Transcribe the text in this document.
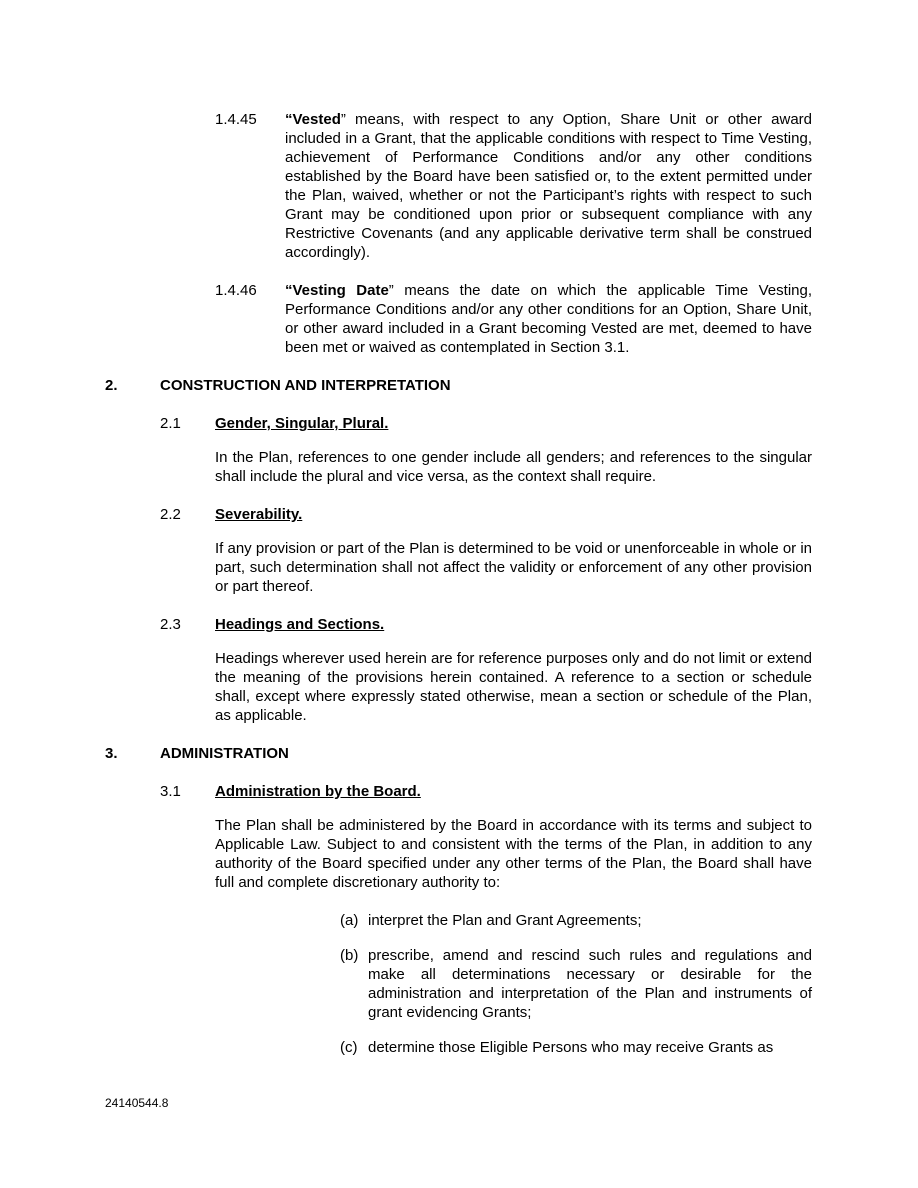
1.4.45	“Vested” means, with respect to any Option, Share Unit or other award included in a Grant, that the applicable conditions with respect to Time Vesting, achievement of Performance Conditions and/or any other conditions established by the Board have been satisfied or, to the extent permitted under the Plan, waived, whether or not the Participant’s rights with respect to such Grant may be conditioned upon prior or subsequent compliance with any Restrictive Covenants (and any applicable derivative term shall be construed accordingly).

1.4.46	“Vesting Date” means the date on which the applicable Time Vesting, Performance Conditions and/or any other conditions for an Option, Share Unit, or other award included in a Grant becoming Vested are met, deemed to have been met or waived as contemplated in Section 3.1.

2.	CONSTRUCTION AND INTERPRETATION
2.1	Gender, Singular, Plural.

In the Plan, references to one gender include all genders; and references to the singular shall include the plural and vice versa, as the context shall require.

2.2	Severability.

If any provision or part of the Plan is determined to be void or unenforceable in whole or in part, such determination shall not affect the validity or enforcement of any other provision or part thereof.

2.3	Headings and Sections.

Headings wherever used herein are for reference purposes only and do not limit or extend the meaning of the provisions herein contained. A reference to a section or schedule shall, except where expressly stated otherwise, mean a section or schedule of the Plan, as applicable.

3.	ADMINISTRATION
3.1	Administration by the Board.

The Plan shall be administered by the Board in accordance with its terms and subject to Applicable Law. Subject to and consistent with the terms of the Plan, in addition to any authority of the Board specified under any other terms of the Plan, the Board shall have full and complete discretionary authority to:

(a) interpret the Plan and Grant Agreements;
(b) prescribe, amend and rescind such rules and regulations and make all determinations necessary or desirable for the administration and interpretation of the Plan and instruments of grant evidencing Grants;
(c) determine those Eligible Persons who may receive Grants as
24140544.8
